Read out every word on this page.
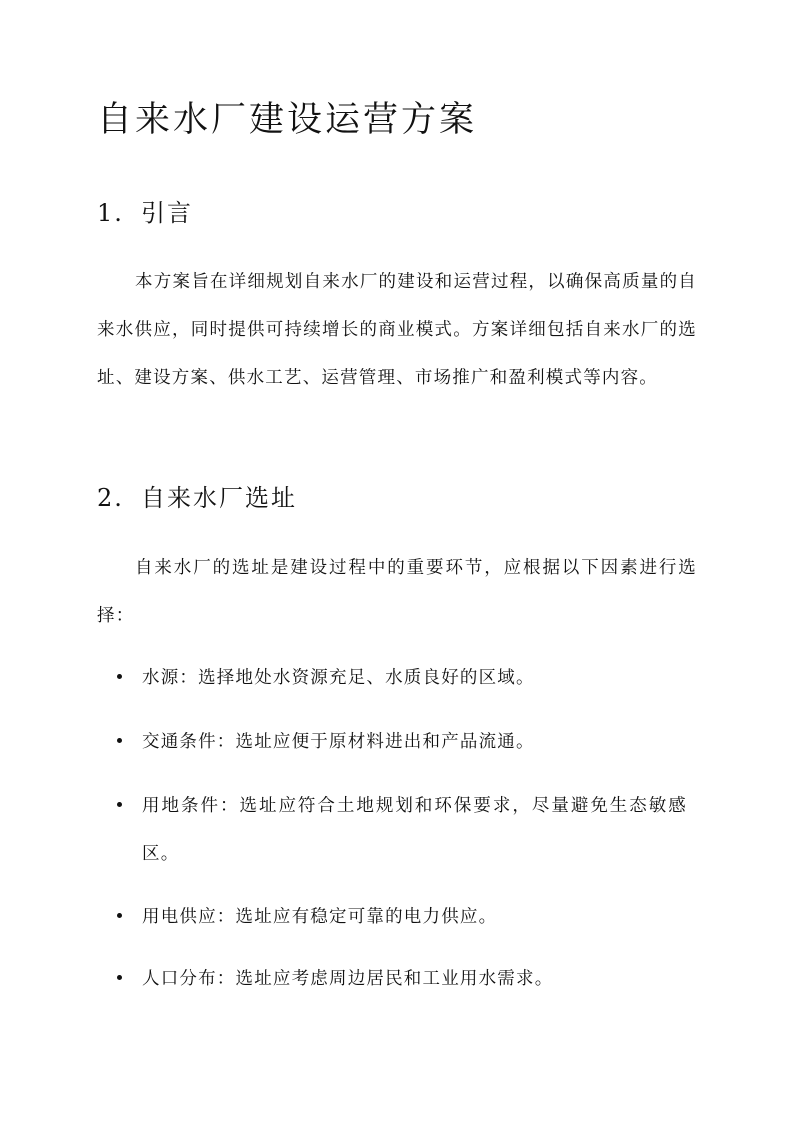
自来水厂建设运营方案
1. 引言

本方案旨在详细规划自来水厂的建设和运营过程，以确保高质量的自来水供应，同时提供可持续增长的商业模式。方案详细包括自来水厂的选址、建设方案、供水工艺、运营管理、市场推广和盈利模式等内容。

2. 自来水厂选址

自来水厂的选址是建设过程中的重要环节，应根据以下因素进行选择：

水源：选择地处水资源充足、水质良好的区域。
交通条件：选址应便于原材料进出和产品流通。
用地条件：选址应符合土地规划和环保要求，尽量避免生态敏感区。
用电供应：选址应有稳定可靠的电力供应。
人口分布：选址应考虑周边居民和工业用水需求。
